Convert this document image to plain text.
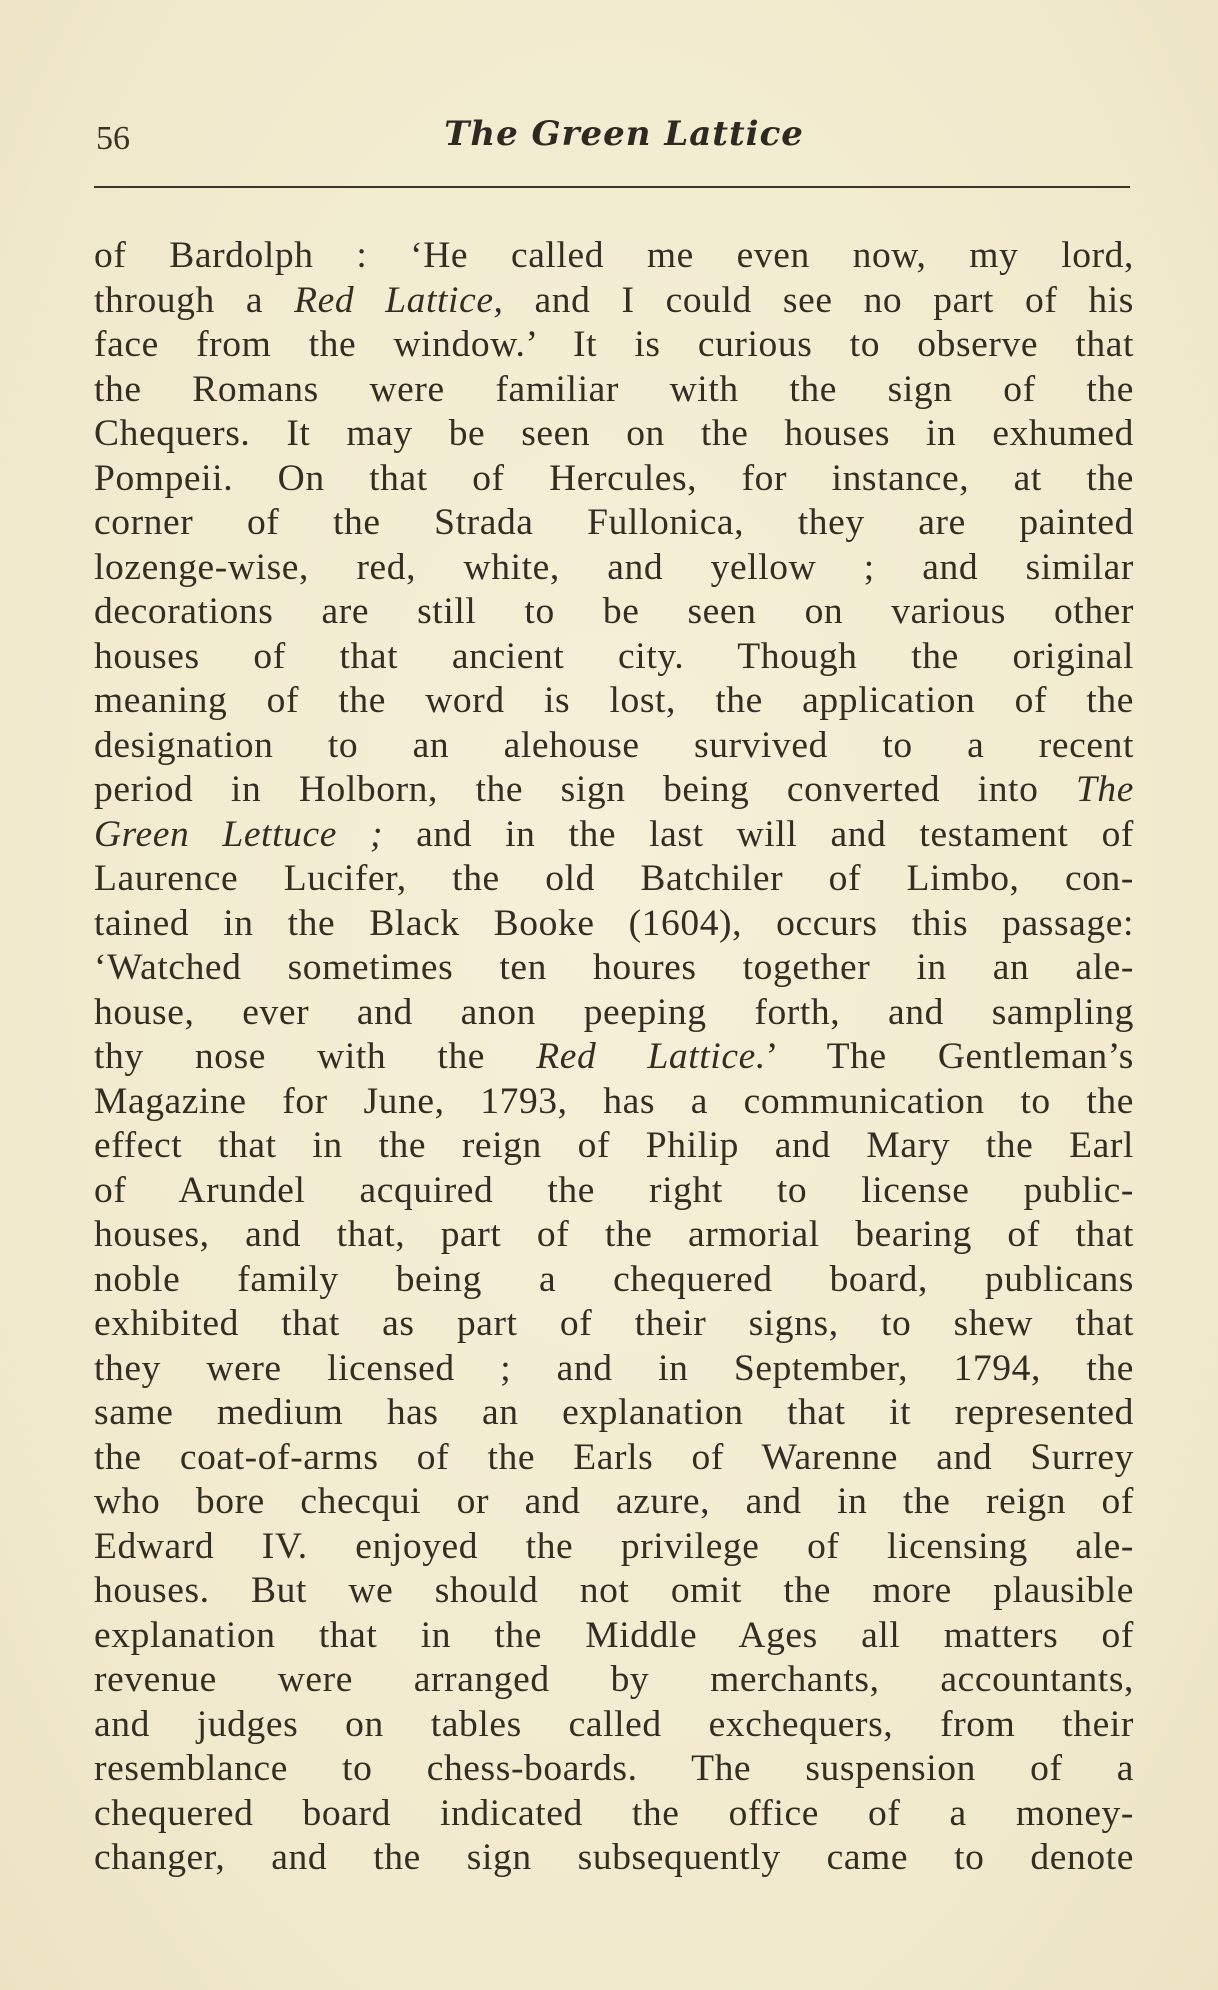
56	The Green Lattice
of Bardolph : ‘He called me even now, my lord,
through a Red Lattice, and I could see no part of his
face from the window.’ It is curious to observe that
the Romans were familiar with the sign of the
Chequers. It may be seen on the houses in exhumed
Pompeii. On that of Hercules, for instance, at the
corner of the Strada Fullonica, they are painted
lozenge-wise, red, white, and yellow ; and similar
decorations are still to be seen on various other
houses of that ancient city. Though the original
meaning of the word is lost, the application of the
designation to an alehouse survived to a recent
period in Holborn, the sign being converted into The
Green Lettuce ; and in the last will and testament of
Laurence Lucifer, the old Batchiler of Limbo, con-
tained in the Black Booke (1604), occurs this passage:
‘Watched sometimes ten houres together in an ale-
house, ever and anon peeping forth, and sampling
thy nose with the Red Lattice.’ The Gentleman’s
Magazine for June, 1793, has a communication to the
effect that in the reign of Philip and Mary the Earl
of Arundel acquired the right to license public-
houses, and that, part of the armorial bearing of that
noble family being a chequered board, publicans
exhibited that as part of their signs, to shew that
they were licensed ; and in September, 1794, the
same medium has an explanation that it represented
the coat-of-arms of the Earls of Warenne and Surrey
who bore checqui or and azure, and in the reign of
Edward IV. enjoyed the privilege of licensing ale-
houses. But we should not omit the more plausible
explanation that in the Middle Ages all matters of
revenue were arranged by merchants, accountants,
and judges on tables called exchequers, from their
resemblance to chess-boards. The suspension of a
chequered board indicated the office of a money-
changer, and the sign subsequently came to denote
